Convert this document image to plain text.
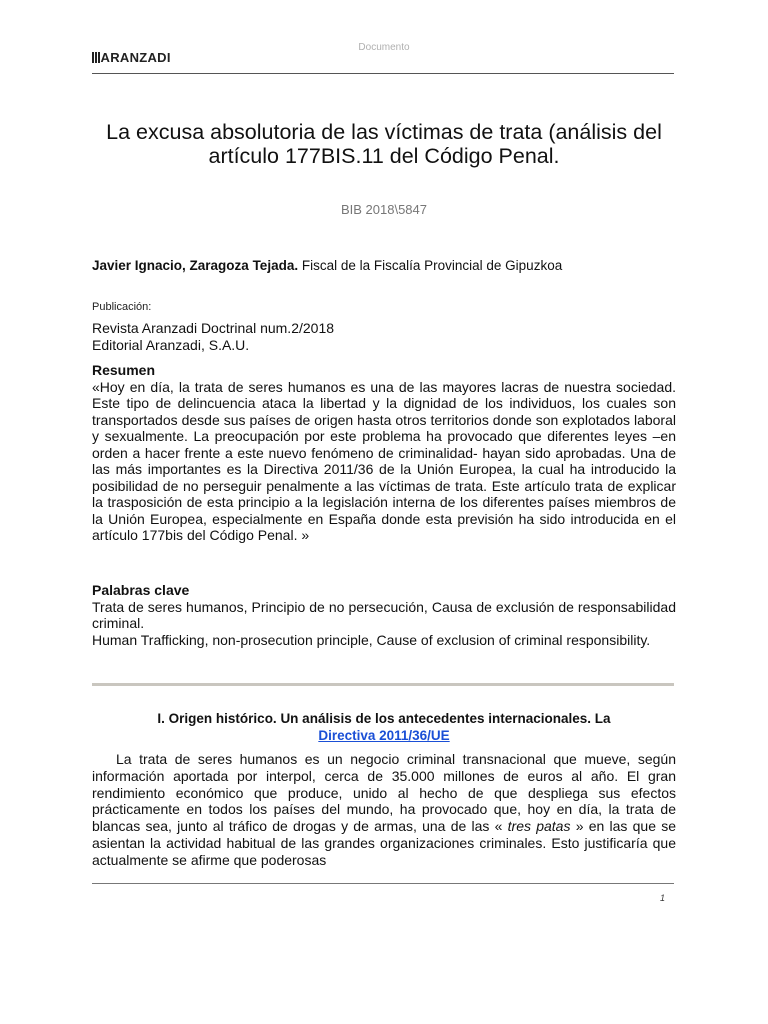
Documento
ARANZADI
La excusa absolutoria de las víctimas de trata (análisis del artículo 177BIS.11 del Código Penal.
BIB 2018\5847
Javier Ignacio, Zaragoza Tejada. Fiscal de la Fiscalía Provincial de Gipuzkoa
Publicación:
Revista Aranzadi Doctrinal num.2/2018
Editorial Aranzadi, S.A.U.
Resumen
«Hoy en día, la trata de seres humanos es una de las mayores lacras de nuestra sociedad. Este tipo de delincuencia ataca la libertad y la dignidad de los individuos, los cuales son transportados desde sus países de origen hasta otros territorios donde son explotados laboral y sexualmente. La preocupación por este problema ha provocado que diferentes leyes –en orden a hacer frente a este nuevo fenómeno de criminalidad- hayan sido aprobadas. Una de las más importantes es la Directiva 2011/36 de la Unión Europea, la cual ha introducido la posibilidad de no perseguir penalmente a las víctimas de trata. Este artículo trata de explicar la trasposición de esta principio a la legislación interna de los diferentes países miembros de la Unión Europea, especialmente en España donde esta previsión ha sido introducida en el artículo 177bis del Código Penal. »
Palabras clave
Trata de seres humanos, Principio de no persecución, Causa de exclusión de responsabilidad criminal.
Human Trafficking, non-prosecution principle, Cause of exclusion of criminal responsibility.
I. Origen histórico. Un análisis de los antecedentes internacionales. La
Directiva 2011/36/UE
La trata de seres humanos es un negocio criminal transnacional que mueve, según información aportada por interpol, cerca de 35.000 millones de euros al año. El gran rendimiento económico que produce, unido al hecho de que despliega sus efectos prácticamente en todos los países del mundo, ha provocado que, hoy en día, la trata de blancas sea, junto al tráfico de drogas y de armas, una de las « tres patas » en las que se asientan la actividad habitual de las grandes organizaciones criminales. Esto justificaría que actualmente se afirme que poderosas
1
